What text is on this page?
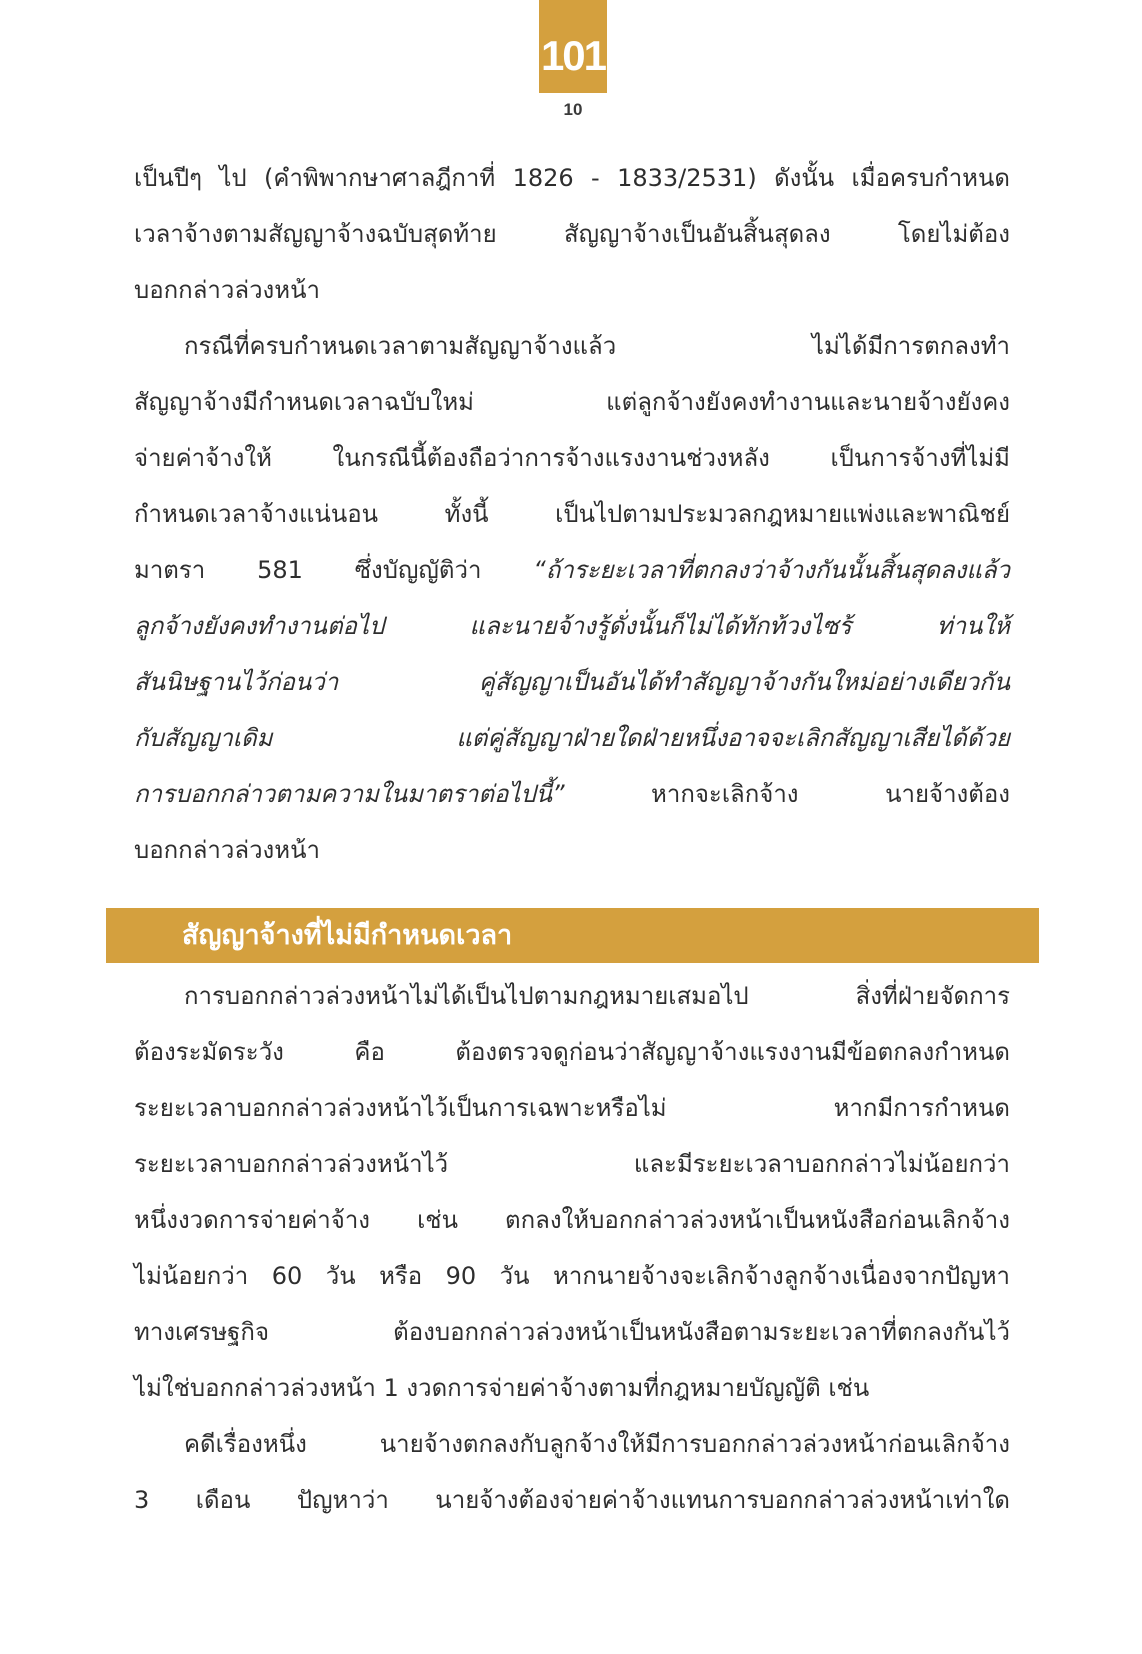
101
10
เป็นปีๆ ไป (คำพิพากษาศาลฎีกาที่ 1826 - 1833/2531) ดังนั้น เมื่อครบกำหนด
เวลาจ้างตามสัญญาจ้างฉบับสุดท้าย สัญญาจ้างเป็นอันสิ้นสุดลง โดยไม่ต้อง
บอกกล่าวล่วงหน้า
กรณีที่ครบกำหนดเวลาตามสัญญาจ้างแล้ว ไม่ได้มีการตกลงทำ
สัญญาจ้างมีกำหนดเวลาฉบับใหม่ แต่ลูกจ้างยังคงทำงานและนายจ้างยังคง
จ่ายค่าจ้างให้ ในกรณีนี้ต้องถือว่าการจ้างแรงงานช่วงหลัง เป็นการจ้างที่ไม่มี
กำหนดเวลาจ้างแน่นอน ทั้งนี้ เป็นไปตามประมวลกฎหมายแพ่งและพาณิชย์
มาตรา 581 ซึ่งบัญญัติว่า “ถ้าระยะเวลาที่ตกลงว่าจ้างกันนั้นสิ้นสุดลงแล้ว
ลูกจ้างยังคงทำงานต่อไป และนายจ้างรู้ดั่งนั้นก็ไม่ได้ทักท้วงไซร้ ท่านให้
สันนิษฐานไว้ก่อนว่า คู่สัญญาเป็นอันได้ทำสัญญาจ้างกันใหม่อย่างเดียวกัน
กับสัญญาเดิม แต่คู่สัญญาฝ่ายใดฝ่ายหนึ่งอาจจะเลิกสัญญาเสียได้ด้วย
การบอกกล่าวตามความในมาตราต่อไปนี้” หากจะเลิกจ้าง นายจ้างต้อง
บอกกล่าวล่วงหน้า
สัญญาจ้างที่ไม่มีกำหนดเวลา
การบอกกล่าวล่วงหน้าไม่ได้เป็นไปตามกฎหมายเสมอไป สิ่งที่ฝ่ายจัดการ
ต้องระมัดระวัง คือ ต้องตรวจดูก่อนว่าสัญญาจ้างแรงงานมีข้อตกลงกำหนด
ระยะเวลาบอกกล่าวล่วงหน้าไว้เป็นการเฉพาะหรือไม่ หากมีการกำหนด
ระยะเวลาบอกกล่าวล่วงหน้าไว้ และมีระยะเวลาบอกกล่าวไม่น้อยกว่า
หนึ่งงวดการจ่ายค่าจ้าง เช่น ตกลงให้บอกกล่าวล่วงหน้าเป็นหนังสือก่อนเลิกจ้าง
ไม่น้อยกว่า 60 วัน หรือ 90 วัน หากนายจ้างจะเลิกจ้างลูกจ้างเนื่องจากปัญหา
ทางเศรษฐกิจ ต้องบอกกล่าวล่วงหน้าเป็นหนังสือตามระยะเวลาที่ตกลงกันไว้
ไม่ใช่บอกกล่าวล่วงหน้า 1 งวดการจ่ายค่าจ้างตามที่กฎหมายบัญญัติ เช่น
คดีเรื่องหนึ่ง นายจ้างตกลงกับลูกจ้างให้มีการบอกกล่าวล่วงหน้าก่อนเลิกจ้าง
3 เดือน ปัญหาว่า นายจ้างต้องจ่ายค่าจ้างแทนการบอกกล่าวล่วงหน้าเท่าใด
